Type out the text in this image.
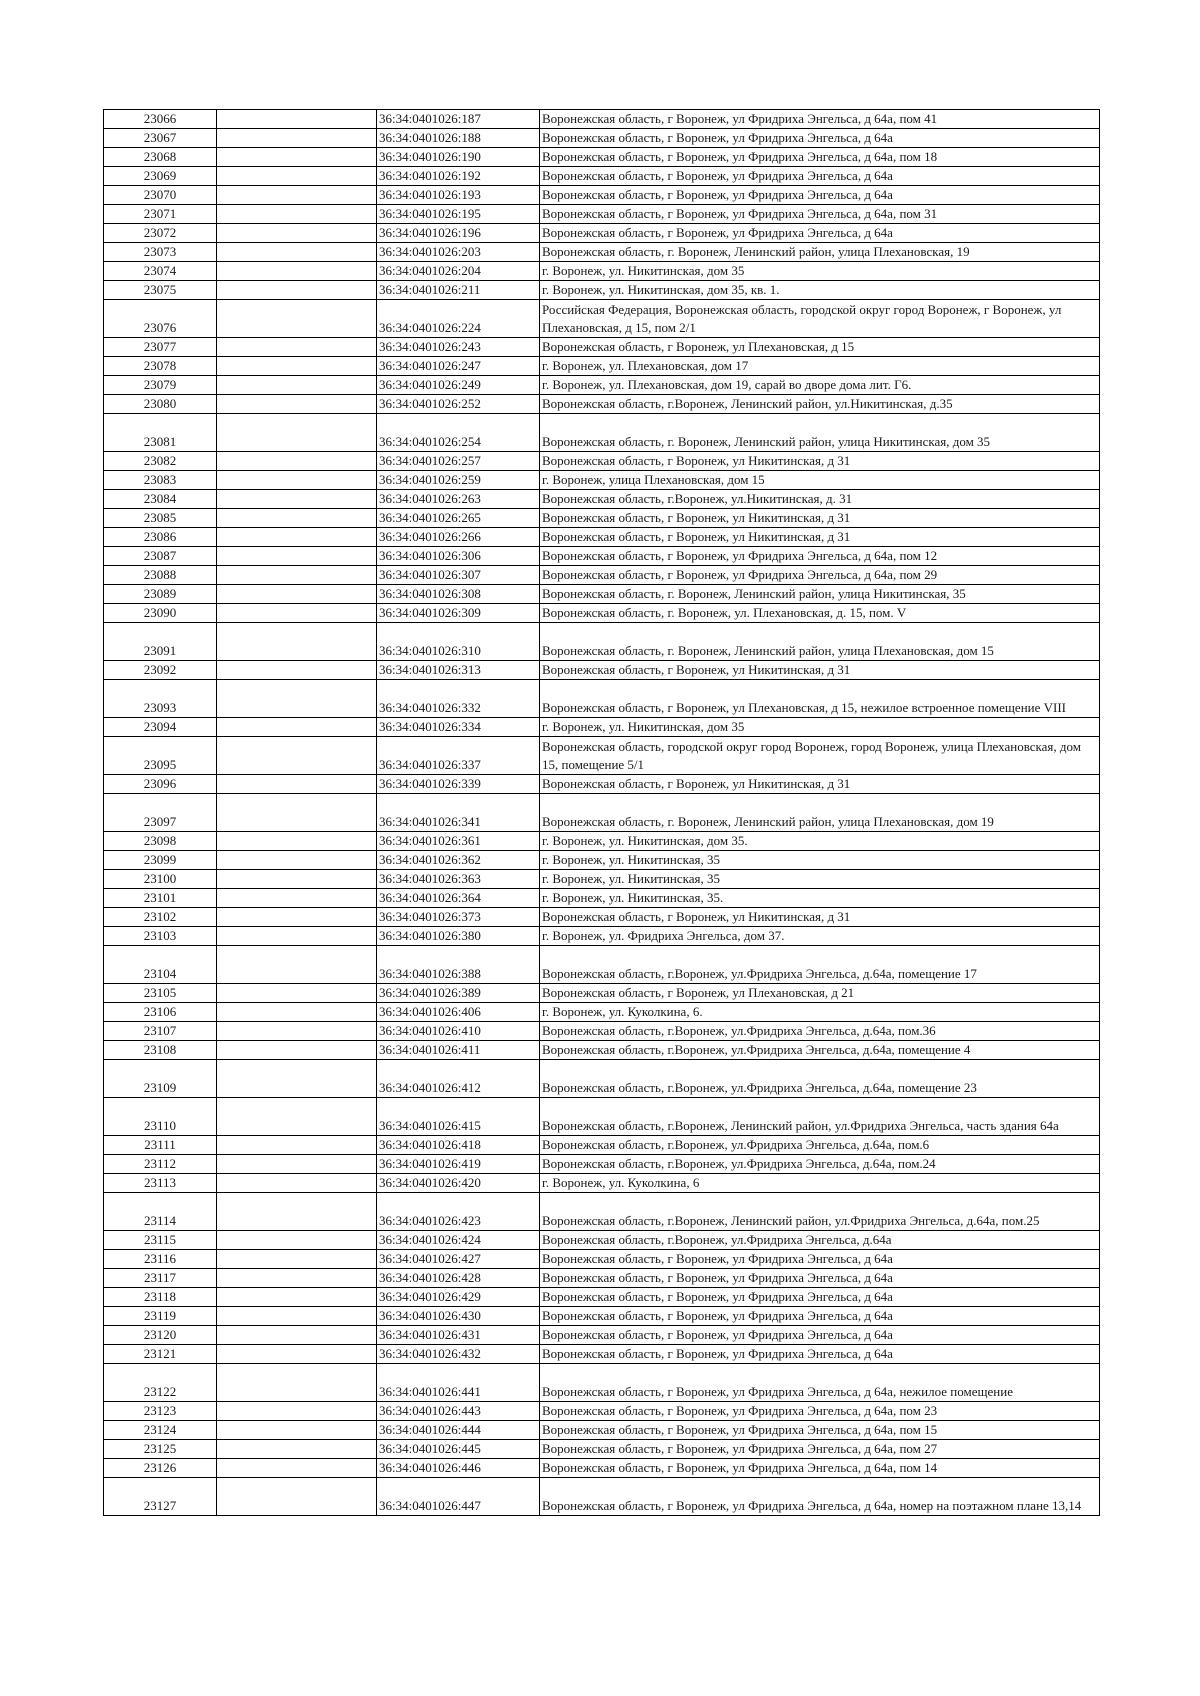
23066		36:34:0401026:187	Воронежская область, г Воронеж, ул Фридриха Энгельса, д 64а, пом 41
23067		36:34:0401026:188	Воронежская область, г Воронеж, ул Фридриха Энгельса, д 64а
23068		36:34:0401026:190	Воронежская область, г Воронеж, ул Фридриха Энгельса, д 64а, пом 18
23069		36:34:0401026:192	Воронежская область, г Воронеж, ул Фридриха Энгельса, д 64а
23070		36:34:0401026:193	Воронежская область, г Воронеж, ул Фридриха Энгельса, д 64а
23071		36:34:0401026:195	Воронежская область, г Воронеж, ул Фридриха Энгельса, д 64а, пом 31
23072		36:34:0401026:196	Воронежская область, г Воронеж, ул Фридриха Энгельса, д 64а
23073		36:34:0401026:203	Воронежская область, г. Воронеж, Ленинский район, улица Плехановская, 19
23074		36:34:0401026:204	г. Воронеж, ул. Никитинская, дом 35
23075		36:34:0401026:211	г. Воронеж, ул. Никитинская, дом 35, кв. 1.
23076		36:34:0401026:224	Российская Федерация, Воронежская область, городской округ город Воронеж, г Воронеж, ул Плехановская, д 15, пом 2/1
23077		36:34:0401026:243	Воронежская область, г Воронеж, ул Плехановская, д 15
23078		36:34:0401026:247	г. Воронеж, ул. Плехановская, дом 17
23079		36:34:0401026:249	г. Воронеж, ул. Плехановская, дом 19, сарай во дворе дома лит. Г6.
23080		36:34:0401026:252	Воронежская область, г.Воронеж, Ленинский район, ул.Никитинская, д.35
23081		36:34:0401026:254	Воронежская область, г. Воронеж, Ленинский район, улица Никитинская, дом 35
23082		36:34:0401026:257	Воронежская область, г Воронеж, ул Никитинская, д 31
23083		36:34:0401026:259	г. Воронеж, улица Плехановская, дом 15
23084		36:34:0401026:263	Воронежская область, г.Воронеж, ул.Никитинская, д. 31
23085		36:34:0401026:265	Воронежская область, г Воронеж, ул Никитинская, д 31
23086		36:34:0401026:266	Воронежская область, г Воронеж, ул Никитинская, д 31
23087		36:34:0401026:306	Воронежская область, г Воронеж, ул Фридриха Энгельса, д 64а, пом 12
23088		36:34:0401026:307	Воронежская область, г Воронеж, ул Фридриха Энгельса, д 64а, пом 29
23089		36:34:0401026:308	Воронежская область, г. Воронеж, Ленинский район, улица Никитинская, 35
23090		36:34:0401026:309	Воронежская область, г. Воронеж, ул. Плехановская, д. 15, пом. V
23091		36:34:0401026:310	Воронежская область, г. Воронеж, Ленинский район, улица Плехановская, дом 15
23092		36:34:0401026:313	Воронежская область, г Воронеж, ул Никитинская, д 31
23093		36:34:0401026:332	Воронежская область, г Воронеж, ул Плехановская, д 15, нежилое встроенное помещение VIII
23094		36:34:0401026:334	г. Воронеж, ул. Никитинская, дом 35
23095		36:34:0401026:337	Воронежская область, городской округ город Воронеж, город Воронеж, улица Плехановская, дом 15, помещение 5/1
23096		36:34:0401026:339	Воронежская область, г Воронеж, ул Никитинская, д 31
23097		36:34:0401026:341	Воронежская область, г. Воронеж, Ленинский район, улица Плехановская, дом 19
23098		36:34:0401026:361	г. Воронеж, ул. Никитинская, дом 35.
23099		36:34:0401026:362	г. Воронеж, ул. Никитинская, 35
23100		36:34:0401026:363	г. Воронеж, ул. Никитинская, 35
23101		36:34:0401026:364	г. Воронеж, ул. Никитинская, 35.
23102		36:34:0401026:373	Воронежская область, г Воронеж, ул Никитинская, д 31
23103		36:34:0401026:380	г. Воронеж, ул. Фридриха Энгельса, дом 37.
23104		36:34:0401026:388	Воронежская область, г.Воронеж, ул.Фридриха Энгельса, д.64а, помещение 17
23105		36:34:0401026:389	Воронежская область, г Воронеж, ул Плехановская, д 21
23106		36:34:0401026:406	г. Воронеж, ул. Куколкина, 6.
23107		36:34:0401026:410	Воронежская область, г.Воронеж, ул.Фридриха Энгельса, д.64а, пом.36
23108		36:34:0401026:411	Воронежская область, г.Воронеж, ул.Фридриха Энгельса, д.64а, помещение 4
23109		36:34:0401026:412	Воронежская область, г.Воронеж, ул.Фридриха Энгельса, д.64а, помещение 23
23110		36:34:0401026:415	Воронежская область, г.Воронеж, Ленинский район, ул.Фридриха Энгельса, часть здания 64а
23111		36:34:0401026:418	Воронежская область, г.Воронеж, ул.Фридриха Энгельса, д.64а, пом.6
23112		36:34:0401026:419	Воронежская область, г.Воронеж, ул.Фридриха Энгельса, д.64а, пом.24
23113		36:34:0401026:420	г. Воронеж, ул. Куколкина, 6
23114		36:34:0401026:423	Воронежская область, г.Воронеж, Ленинский район, ул.Фридриха Энгельса, д.64а, пом.25
23115		36:34:0401026:424	Воронежская область, г.Воронеж, ул.Фридриха Энгельса, д.64а
23116		36:34:0401026:427	Воронежская область, г Воронеж, ул Фридриха Энгельса, д 64а
23117		36:34:0401026:428	Воронежская область, г Воронеж, ул Фридриха Энгельса, д 64а
23118		36:34:0401026:429	Воронежская область, г Воронеж, ул Фридриха Энгельса, д 64а
23119		36:34:0401026:430	Воронежская область, г Воронеж, ул Фридриха Энгельса, д 64а
23120		36:34:0401026:431	Воронежская область, г Воронеж, ул Фридриха Энгельса, д 64а
23121		36:34:0401026:432	Воронежская область, г Воронеж, ул Фридриха Энгельса, д 64а
23122		36:34:0401026:441	Воронежская область, г Воронеж, ул Фридриха Энгельса, д 64а, нежилое помещение
23123		36:34:0401026:443	Воронежская область, г Воронеж, ул Фридриха Энгельса, д 64а, пом 23
23124		36:34:0401026:444	Воронежская область, г Воронеж, ул Фридриха Энгельса, д 64а, пом 15
23125		36:34:0401026:445	Воронежская область, г Воронеж, ул Фридриха Энгельса, д 64а, пом 27
23126		36:34:0401026:446	Воронежская область, г Воронеж, ул Фридриха Энгельса, д 64а, пом 14
23127		36:34:0401026:447	Воронежская область, г Воронеж, ул Фридриха Энгельса, д 64а, номер на поэтажном плане 13,14
